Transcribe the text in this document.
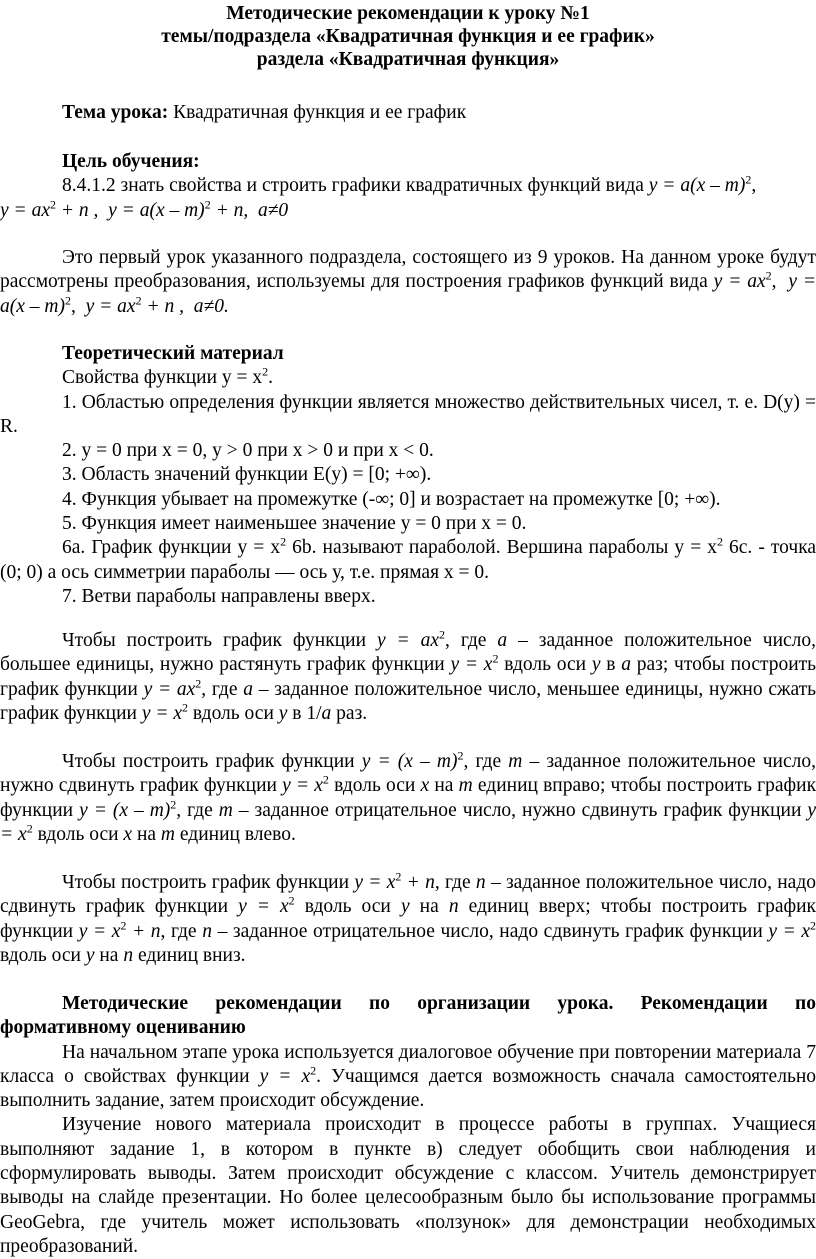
Методические рекомендации к уроку №1
темы/подраздела «Квадратичная функция и ее график»
раздела «Квадратичная функция»

Тема урока: Квадратичная функция и ее график

Цель обучения:

8.4.1.2 знать свойства и строить графики квадратичных функций вида y = a(x – m)$^2$,

$y = ax^2 + n$ , y = a(x – m)$^2$ + n, a≠0

Это первый урок указанного подраздела, состоящего из 9 уроков. На данном уроке будут рассмотрены преобразования, используемы для построения графиков функций вида $y = ax^2$,  y = a(x – m)$^2$,  $y = ax^2 + n$ , a≠0.

Теоретический материал

Свойства функции $у = х^2$.

1. Областью определения функции является множество действительных чисел, т. е. D(y) = R.

2. у = 0 при х = 0, у > 0 при х > 0 и при х < 0.

3. Область значений функции E(у) = [0; +∞).

4. Функция убывает на промежутке (-∞; 0] и возрастает на промежутке [0; +∞).

5. Функция имеет наименьшее значение у = 0 при х = 0.

6a. График функции $у = х^2$ 6b. называют параболой. Вершина параболы $у = х^2$ 6c. - точка (0; 0) а ось симметрии параболы — ось у, т.е. прямая х = 0.

7. Ветви параболы направлены вверх.

Чтобы построить график функции $y = ax^2$, где a – заданное положительное число, большее единицы, нужно растянуть график функции $y = x^2$ вдоль оси y в a раз; чтобы построить график функции $y = ax^2$, где a – заданное положительное число, меньшее единицы, нужно сжать график функции $y = x^2$ вдоль оси y в 1/a раз.

Чтобы построить график функции y = (x – m)$^2$, где m – заданное положительное число, нужно сдвинуть график функции $y = x^2$ вдоль оси x на m единиц вправо; чтобы построить график функции y = (x – m)$^2$, где m – заданное отрицательное число, нужно сдвинуть график функции $y = x^2$ вдоль оси x на m единиц влево.

Чтобы построить график функции $y = x^2 + n$, где n – заданное положительное число, надо сдвинуть график функции $y = x^2$ вдоль оси y на n единиц вверх; чтобы построить график функции $y = x^2 + n$, где n – заданное отрицательное число, надо сдвинуть график функции $y = x^2$ вдоль оси y на n единиц вниз.

Методические рекомендации по организации урока. Рекомендации по формативному оцениванию

На начальном этапе урока используется диалоговое обучение при повторении материала 7 класса о свойствах функции $y = x^2$. Учащимся дается возможность сначала самостоятельно выполнить задание, затем происходит обсуждение.

Изучение нового материала происходит в процессе работы в группах. Учащиеся выполняют задание 1, в котором в пункте в) следует обобщить свои наблюдения и сформулировать выводы. Затем происходит обсуждение с классом. Учитель демонстрирует выводы на слайде презентации. Но более целесообразным было бы использование программы GeoGebra, где учитель может использовать «ползунок» для демонстрации необходимых преобразований.
